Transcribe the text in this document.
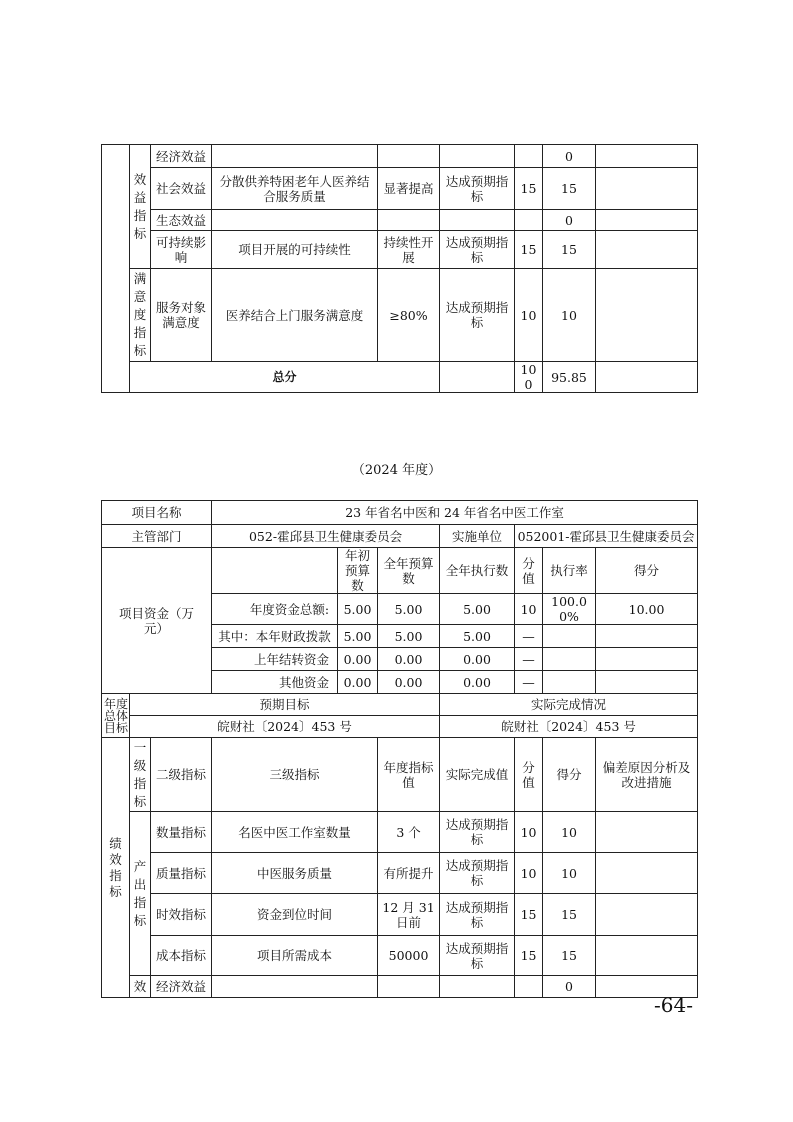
	效益指标	经济效益					0	
		社会效益	分散供养特困老年人医养结合服务质量	显著提高	达成预期指标	15	15	
		生态效益					0	
		可持续影响	项目开展的可持续性	持续性开展	达成预期指标	15	15	
	满意度指标	服务对象满意度	医养结合上门服务满意度	≥80%	达成预期指标	10	10	
	总分					100	95.85	
（2024 年度）
项目名称			23 年省名中医和 24 年省名中医工作室						
主管部门			052-霍邱县卫生健康委员会			实施单位	052001-霍邱县卫生健康委员会		
项目资金（万元）				年初预算数	全年预算数	全年执行数	分值	执行率	得分
			年度资金总额:	5.00	5.00	5.00	10	100.00%	10.00
			其中：本年财政拨款	5.00	5.00	5.00	—		
			上年结转资金	0.00	0.00	0.00	—		
			其他资金	0.00	0.00	0.00	—		
年度总体目标	预期目标					实际完成情况			
	皖财社〔2024〕453 号					皖财社〔2024〕453 号			
绩效指标	一级指标	二级指标	三级指标		年度指标值	实际完成值	分值	得分	偏差原因分析及改进措施
	产出指标	数量指标	名医中医工作室数量		3 个	达成预期指标	10	10	
		质量指标	中医服务质量		有所提升	达成预期指标	10	10	
		时效指标	资金到位时间		12 月 31 日前	达成预期指标	15	15	
		成本指标	项目所需成本		50000	达成预期指标	15	15	
	效	经济效益						0	
-64-
